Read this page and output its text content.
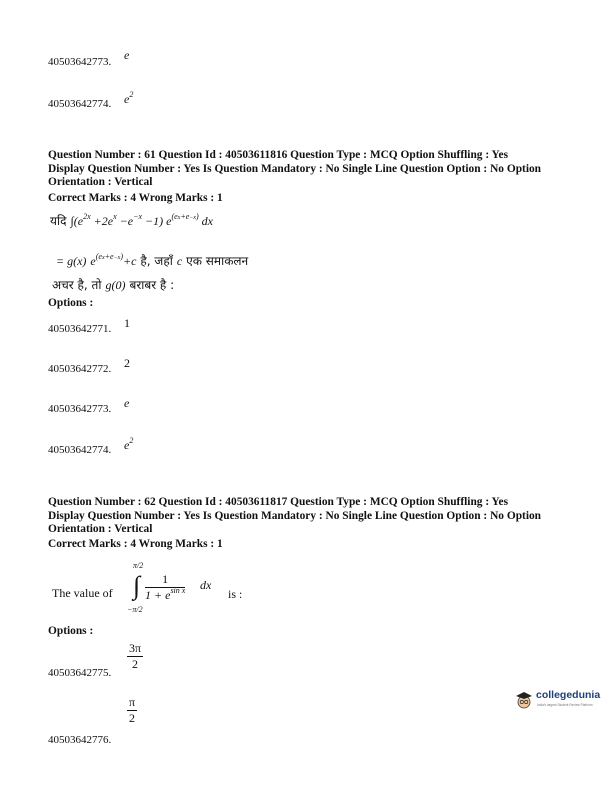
40503642773. e
40503642774. $e^2$
Question Number : 61 Question Id : 40503611816 Question Type : MCQ Option Shuffling : Yes
Display Question Number : Yes Is Question Mandatory : No Single Line Question Option : No Option
Orientation : Vertical
Correct Marks : 4 Wrong Marks : 1
यदि $\int(e^{2x} +2e^x -e^{-x} -1)$ $e^{(ex+e-x)}$ dx
= g(x) $e^{(ex+e-x)}+c$ है, जहाँ c एक समाकलन
अचर है, तो g(0) बराबर है :
Options :
40503642771. 1
40503642772. 2
40503642773. e
40503642774. $e^2$
Question Number : 62 Question Id : 40503611817 Question Type : MCQ Option Shuffling : Yes
Display Question Number : Yes Is Question Mandatory : No Single Line Question Option : No Option
Orientation : Vertical
Correct Marks : 4 Wrong Marks : 1
The value of
π/2
∫
−π/2
1
$1 + e^{sin x}$ dx
is :
Options :
40503642775.
$\frac{3\pi}{2}$
40503642776.
$\frac{\pi}{2}$	collegedunia
India's largest Student Review Platform
